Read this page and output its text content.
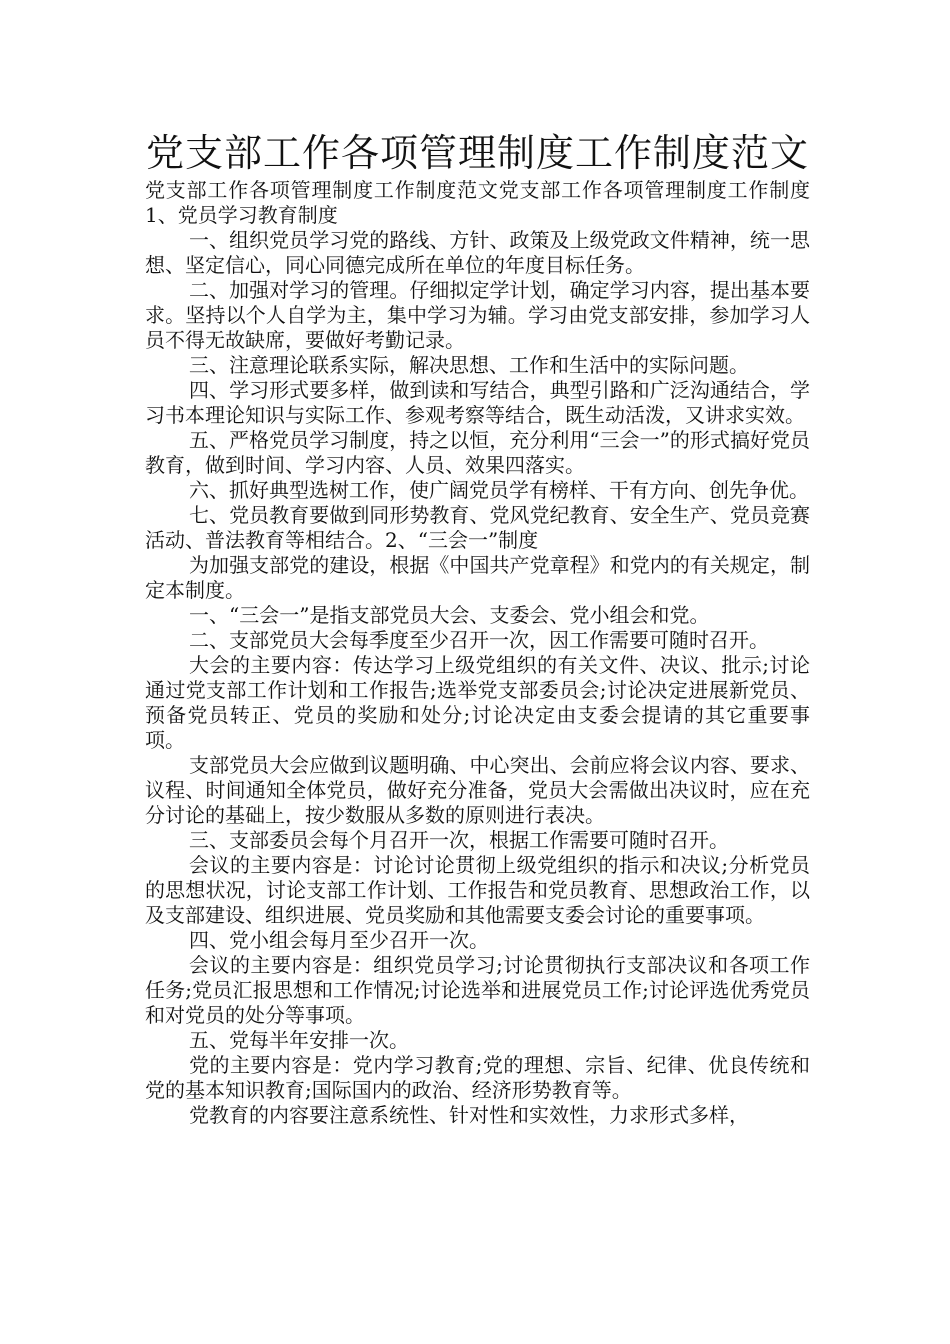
党支部工作各项管理制度工作制度范文

党支部工作各项管理制度工作制度范文党支部工作各项管理制度工作制度1、党员学习教育制度

一、组织党员学习党的路线、方针、政策及上级党政文件精神，统一思想、坚定信心，同心同德完成所在单位的年度目标任务。

二、加强对学习的管理。仔细拟定学计划，确定学习内容，提出基本要求。坚持以个人自学为主，集中学习为辅。学习由党支部安排，参加学习人员不得无故缺席，要做好考勤记录。

三、注意理论联系实际，解决思想、工作和生活中的实际问题。

四、学习形式要多样，做到读和写结合，典型引路和广泛沟通结合，学习书本理论知识与实际工作、参观考察等结合，既生动活泼，又讲求实效。

五、严格党员学习制度，持之以恒，充分利用“三会一”的形式搞好党员教育，做到时间、学习内容、人员、效果四落实。

六、抓好典型选树工作，使广阔党员学有榜样、干有方向、创先争优。

七、党员教育要做到同形势教育、党风党纪教育、安全生产、党员竞赛活动、普法教育等相结合。2、“三会一”制度

为加强支部党的建设，根据《中国共产党章程》和党内的有关规定，制定本制度。

一、“三会一”是指支部党员大会、支委会、党小组会和党。

二、支部党员大会每季度至少召开一次，因工作需要可随时召开。

大会的主要内容：传达学习上级党组织的有关文件、决议、批示;讨论通过党支部工作计划和工作报告;选举党支部委员会;讨论决定进展新党员、预备党员转正、党员的奖励和处分;讨论决定由支委会提请的其它重要事项。

支部党员大会应做到议题明确、中心突出、会前应将会议内容、要求、议程、时间通知全体党员，做好充分准备，党员大会需做出决议时，应在充分讨论的基础上，按少数服从多数的原则进行表决。

三、支部委员会每个月召开一次，根据工作需要可随时召开。

会议的主要内容是：讨论讨论贯彻上级党组织的指示和决议;分析党员的思想状况，讨论支部工作计划、工作报告和党员教育、思想政治工作，以及支部建设、组织进展、党员奖励和其他需要支委会讨论的重要事项。

四、党小组会每月至少召开一次。

会议的主要内容是：组织党员学习;讨论贯彻执行支部决议和各项工作任务;党员汇报思想和工作情况;讨论选举和进展党员工作;讨论评选优秀党员和对党员的处分等事项。

五、党每半年安排一次。

党的主要内容是：党内学习教育;党的理想、宗旨、纪律、优良传统和党的基本知识教育;国际国内的政治、经济形势教育等。

党教育的内容要注意系统性、针对性和实效性，力求形式多样，
